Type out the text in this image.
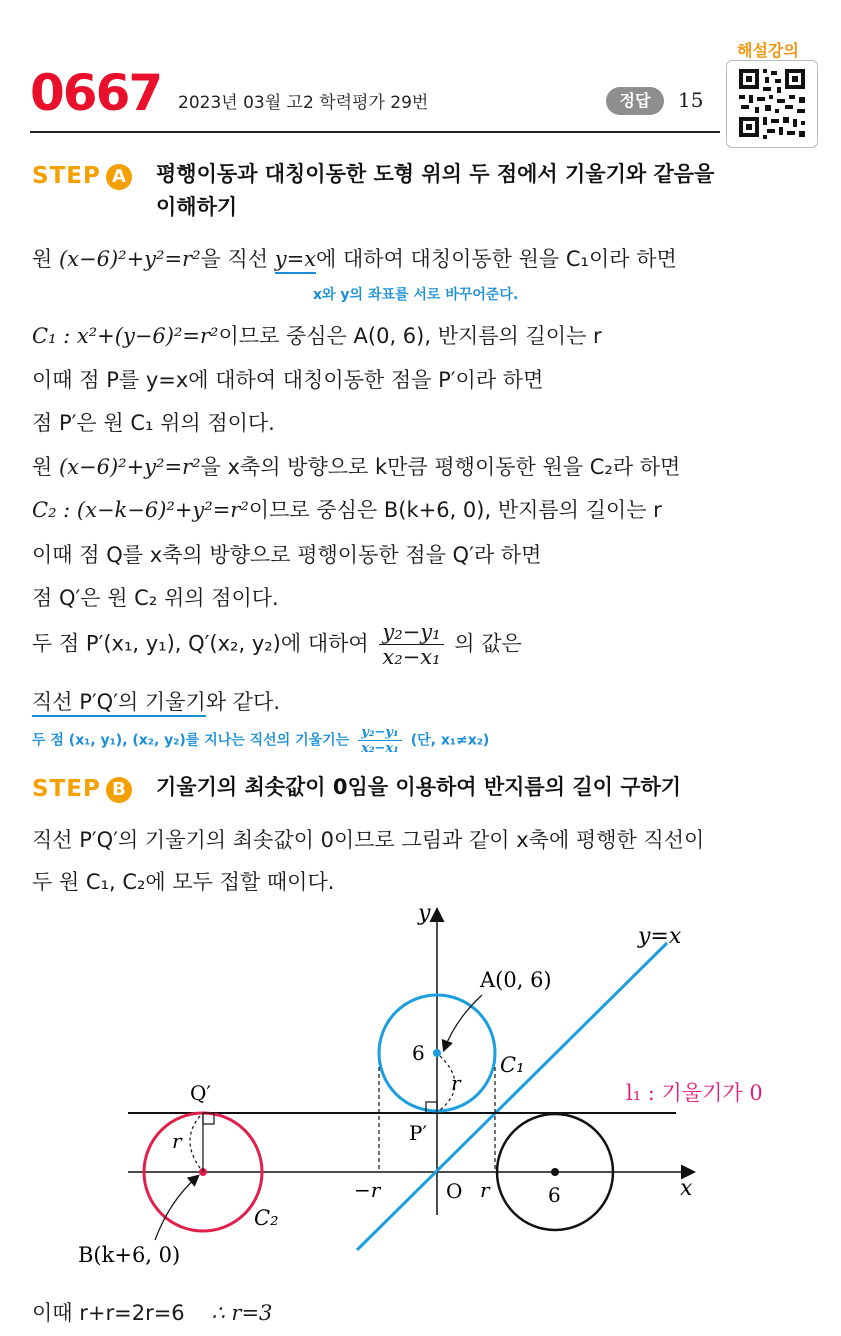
0667 2023년 03월 고2 학력평가 29번	정답	15
해설강의
STEP A 평행이동과 대칭이동한 도형 위의 두 점에서 기울기와 같음을
이해하기
원 (x−6)²+y²=r²을 직선 y=x에 대하여 대칭이동한 원을 C₁이라 하면
x와 y의 좌표를 서로 바꾸어준다.
C₁ : x²+(y−6)²=r²이므로 중심은 A(0, 6), 반지름의 길이는 r
이때 점 P를 y=x에 대하여 대칭이동한 점을 P′이라 하면
점 P′은 원 C₁ 위의 점이다.
원 (x−6)²+y²=r²을 x축의 방향으로 k만큼 평행이동한 원을 C₂라 하면
C₂ : (x−k−6)²+y²=r²이므로 중심은 B(k+6, 0), 반지름의 길이는 r
이때 점 Q를 x축의 방향으로 평행이동한 점을 Q′라 하면
점 Q′은 원 C₂ 위의 점이다.
두 점 P′(x₁, y₁), Q′(x₂, y₂)에 대하여 $\frac{\text{y₂−y₁}}{\text{x₂−x₁}}$ 의 값은
직선 P′Q′의 기울기와 같다.
두 점 (x₁, y₁), (x₂, y₂)를 지나는 직선의 기울기는 $\frac{\text{y₂−y₁}}{\text{x₂−x₁}}$ (단, x₁≠x₂)
STEP B 기울기의 최솟값이 0임을 이용하여 반지름의 길이 구하기
직선 P′Q′의 기울기의 최솟값이 0이므로 그림과 같이 x축에 평행한 직선이
두 원 C₁, C₂에 모두 접할 때이다.
y
x
O
y=x
A(0, 6)
6	C₁
r
P′
Q′
r
−r	r	6
C₂
B(k+6, 0)
l₁ : 기울기가 0
이때 r+r=2r=6 ∴ r=3
